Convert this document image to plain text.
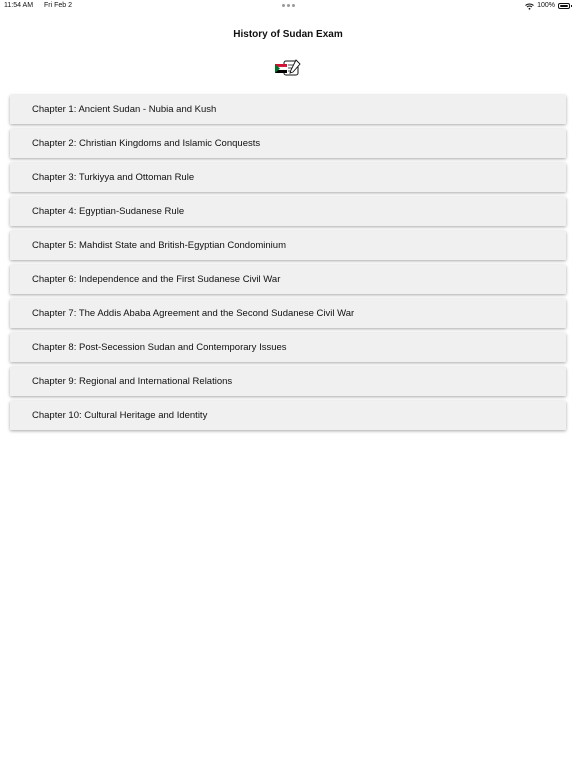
11:54 AM Fri Feb 2	100%
History of Sudan Exam
Chapter 1: Ancient Sudan - Nubia and Kush
Chapter 2: Christian Kingdoms and Islamic Conquests
Chapter 3: Turkiyya and Ottoman Rule
Chapter 4: Egyptian-Sudanese Rule
Chapter 5: Mahdist State and British-Egyptian Condominium
Chapter 6: Independence and the First Sudanese Civil War
Chapter 7: The Addis Ababa Agreement and the Second Sudanese Civil War
Chapter 8: Post-Secession Sudan and Contemporary Issues
Chapter 9: Regional and International Relations
Chapter 10: Cultural Heritage and Identity
